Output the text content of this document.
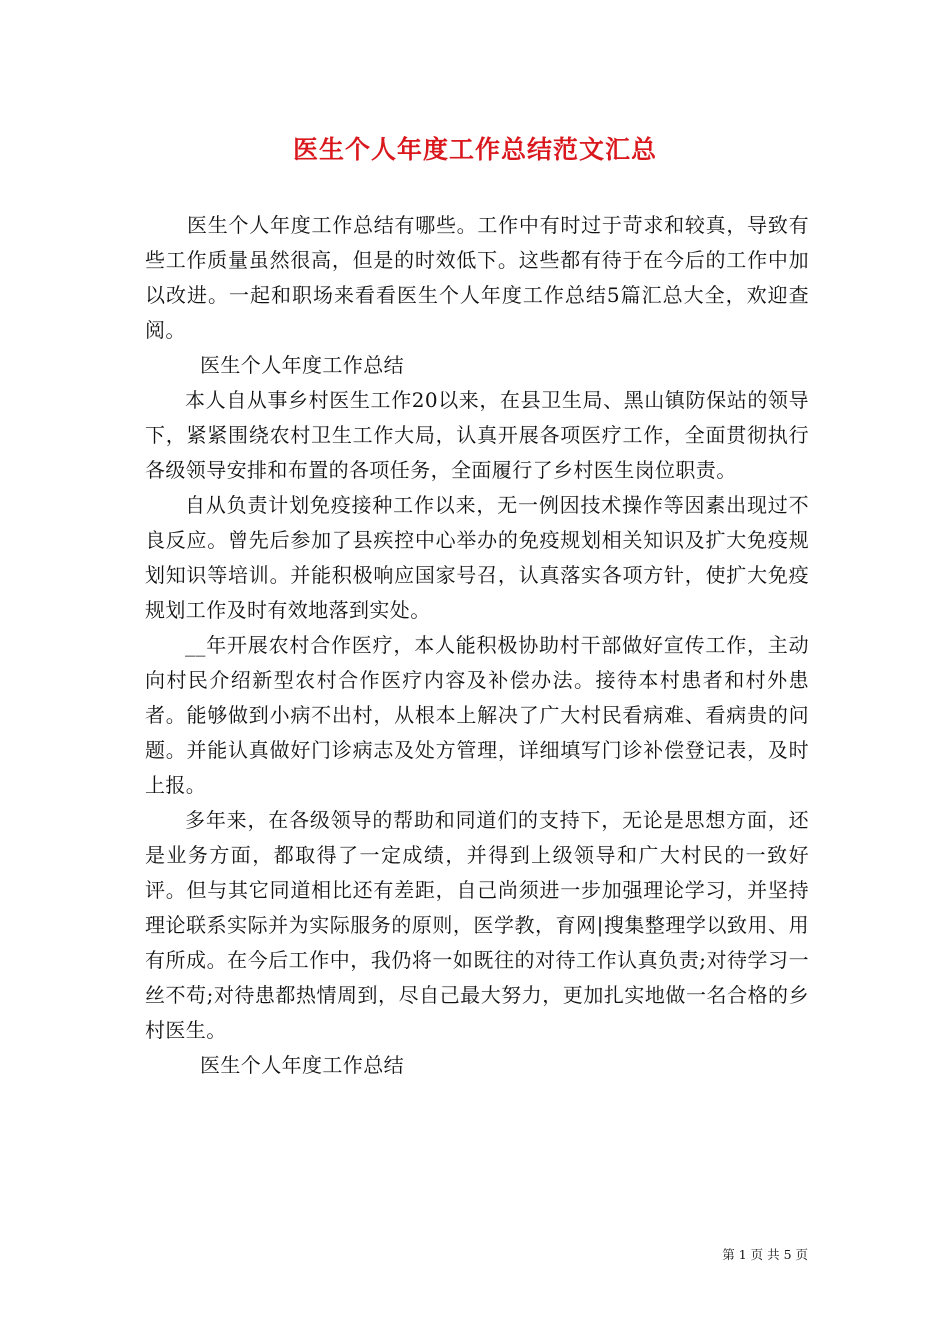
医生个人年度工作总结范文汇总

医生个人年度工作总结有哪些。工作中有时过于苛求和较真，导致有些工作质量虽然很高，但是的时效低下。这些都有待于在今后的工作中加以改进。一起和职场来看看医生个人年度工作总结5篇汇总大全，欢迎查阅。

医生个人年度工作总结

本人自从事乡村医生工作20以来，在县卫生局、黑山镇防保站的领导下，紧紧围绕农村卫生工作大局，认真开展各项医疗工作，全面贯彻执行各级领导安排和布置的各项任务，全面履行了乡村医生岗位职责。

自从负责计划免疫接种工作以来，无一例因技术操作等因素出现过不良反应。曾先后参加了县疾控中心举办的免疫规划相关知识及扩大免疫规划知识等培训。并能积极响应国家号召，认真落实各项方针，使扩大免疫规划工作及时有效地落到实处。

__年开展农村合作医疗，本人能积极协助村干部做好宣传工作，主动向村民介绍新型农村合作医疗内容及补偿办法。接待本村患者和村外患者。能够做到小病不出村，从根本上解决了广大村民看病难、看病贵的问题。并能认真做好门诊病志及处方管理，详细填写门诊补偿登记表，及时上报。

多年来，在各级领导的帮助和同道们的支持下，无论是思想方面，还是业务方面，都取得了一定成绩，并得到上级领导和广大村民的一致好评。但与其它同道相比还有差距，自己尚须进一步加强理论学习，并坚持理论联系实际并为实际服务的原则，医学教，育网|搜集整理学以致用、用有所成。在今后工作中，我仍将一如既往的对待工作认真负责;对待学习一丝不苟;对待患都热情周到，尽自己最大努力，更加扎实地做一名合格的乡村医生。

医生个人年度工作总结

第 1 页 共 5 页
